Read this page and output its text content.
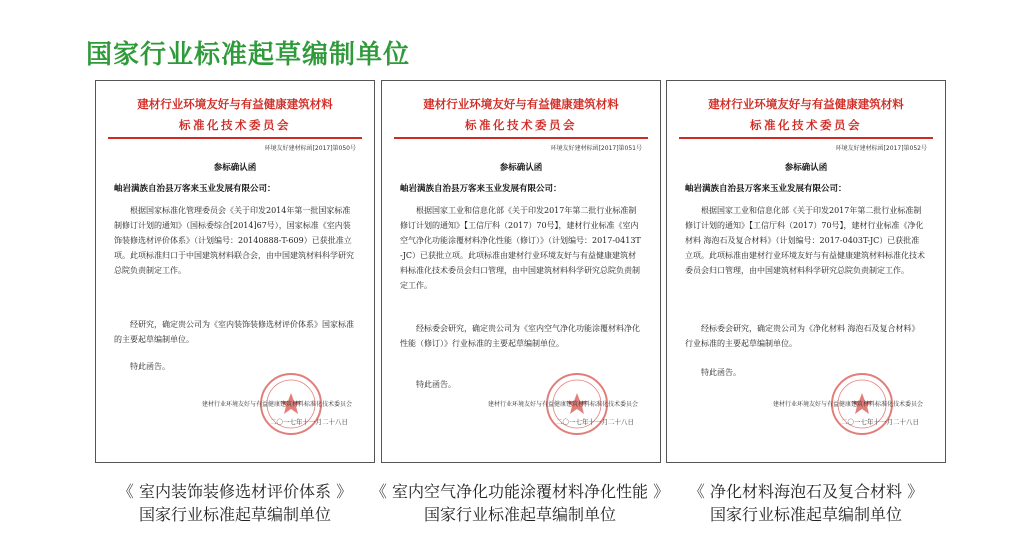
国家行业标准起草编制单位
建材行业环境友好与有益健康建筑材料
标准化技术委员会
环境友好建材标函[2017]第050号
参标确认函
岫岩满族自治县万客来玉业发展有限公司：

根据国家标准化管理委员会《关于印发2014年第一批国家标准制修订计划的通知》（国标委综合[2014]67号），国家标准《室内装饰装修选材评价体系》（计划编号：20140888-T-609）已获批准立项。此项标准归口于中国建筑材料联合会，由中国建筑材料科学研究总院负责制定工作。

经研究，确定贵公司为《室内装饰装修选材评价体系》国家标准的主要起草编制单位。

特此函告。

建材行业环境友好与有益健康建筑材料标准化技术委员会
二〇一七年十一月二十八日
建材行业环境友好与有益健康建筑材料
标准化技术委员会
环境友好建材标函[2017]第051号
参标确认函
岫岩满族自治县万客来玉业发展有限公司：

根据国家工业和信息化部《关于印发2017年第二批行业标准制修订计划的通知》【工信厅科（2017）70号】，建材行业标准《室内空气净化功能涂覆材料净化性能（修订）》（计划编号：2017-0413T-JC）已获批立项。此项标准由建材行业环境友好与有益健康建筑材料标准化技术委员会归口管理，由中国建筑材料科学研究总院负责制定工作。

经标委会研究，确定贵公司为《室内空气净化功能涂覆材料净化性能（修订）》行业标准的主要起草编制单位。

特此函告。

建材行业环境友好与有益健康建筑材料标准化技术委员会
二〇一七年十一月二十八日
建材行业环境友好与有益健康建筑材料
标准化技术委员会
环境友好建材标函[2017]第052号
参标确认函
岫岩满族自治县万客来玉业发展有限公司：

根据国家工业和信息化部《关于印发2017年第二批行业标准制修订计划的通知》【工信厅科（2017）70号】，建材行业标准《净化材料 海泡石及复合材料》（计划编号：2017-0403T-JC）已获批准立项。此项标准由建材行业环境友好与有益健康建筑材料标准化技术委员会归口管理，由中国建筑材料科学研究总院负责制定工作。

经标委会研究，确定贵公司为《净化材料 海泡石及复合材料》行业标准的主要起草编制单位。

特此函告。

建材行业环境友好与有益健康建筑材料标准化技术委员会
二〇一七年十一月二十八日
《 室内装饰装修选材评价体系 》
国家行业标准起草编制单位
《 室内空气净化功能涂覆材料净化性能 》
国家行业标准起草编制单位
《 净化材料海泡石及复合材料 》
国家行业标准起草编制单位
